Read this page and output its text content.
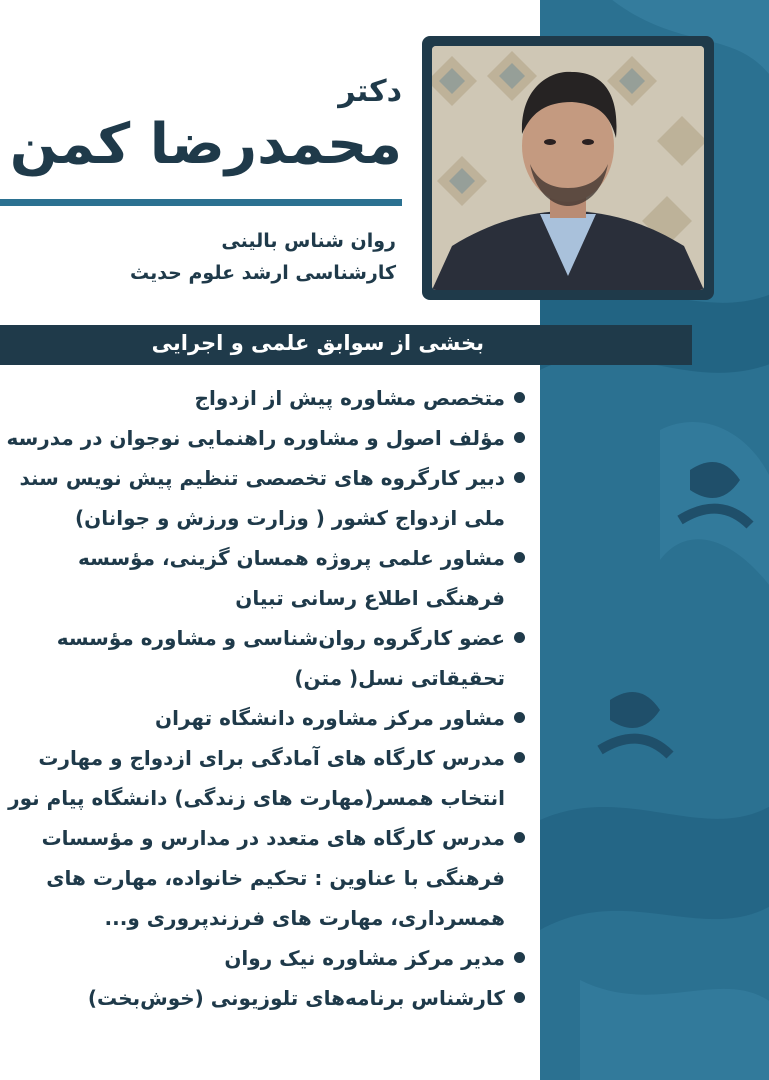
دکتر
محمدرضا کمن
روان شناس بالینی
کارشناسی ارشد علوم حدیث
بخشی از سوابق علمی و اجرایی
متخصص مشاوره پیش از ازدواج
مؤلف اصول و مشاوره راهنمایی نوجوان در مدرسه
دبیر کارگروه های تخصصی تنظیم پیش نویس سند
ملی ازدواج کشور ( وزارت ورزش و جوانان)
مشاور علمی پروژه همسان گزینی، مؤسسه
فرهنگی اطلاع رسانی تبیان
عضو کارگروه روان‌شناسی و مشاوره مؤسسه
تحقیقاتی نسل( متن)
مشاور مرکز مشاوره دانشگاه تهران
مدرس کارگاه های آمادگی برای ازدواج و مهارت
انتخاب همسر(مهارت های زندگی) دانشگاه پیام نور
مدرس کارگاه های متعدد در مدارس و مؤسسات
فرهنگی با عناوین : تحکیم خانواده، مهارت های
همسرداری، مهارت های فرزندپروری و...
مدیر مرکز مشاوره نیک روان
کارشناس برنامه‌های تلوزیونی (خوش‌بخت)
